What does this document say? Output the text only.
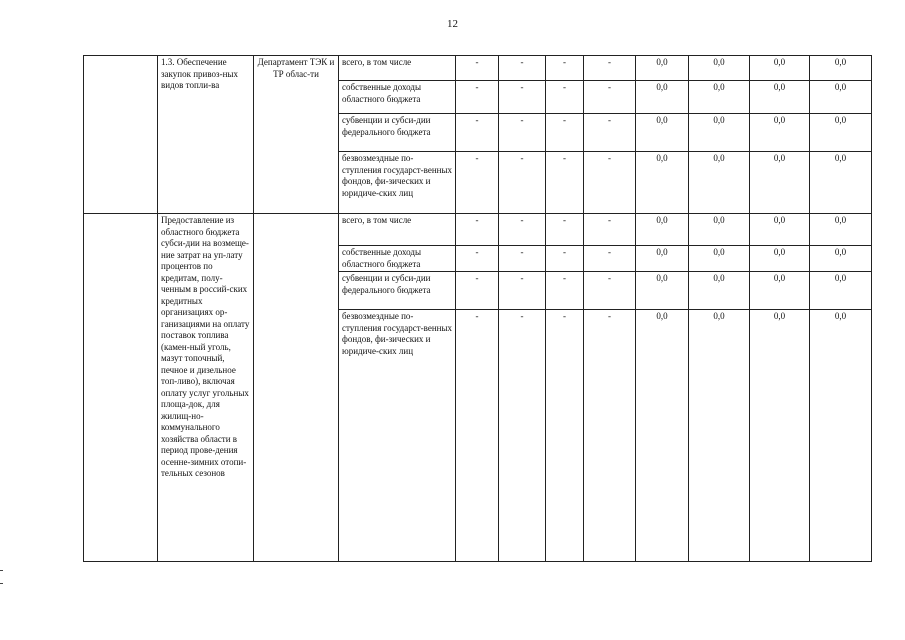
12
	1.3. Обеспечение закупок привоз-ных видов топли-ва	Департамент ТЭК и ТР облас-ти	всего, в том числе	-	-	-	-	0,0	0,0	0,0	0,0
			собственные доходы областного бюджета	-	-	-	-	0,0	0,0	0,0	0,0
			субвенции и субси-дии федерального бюджета	-	-	-	-	0,0	0,0	0,0	0,0
			безвозмездные по-ступления государст-венных фондов, фи-зических и юридиче-ских лиц	-	-	-	-	0,0	0,0	0,0	0,0
	Предоставление из областного бюджета субси-дии на возмеще-ние затрат на уп-лату процентов по кредитам, полу-ченным в россий-ских кредитных организациях ор-ганизациями на оплату поставок топлива (камен-ный уголь, мазут топочный, печное и дизельное топ-ливо), включая оплату услуг угольных площа-док, для жилищ-но-коммунального хозяйства области в период прове-дения осенне-зимних отопи-тельных сезонов		всего, в том числе	-	-	-	-	0,0	0,0	0,0	0,0
			собственные доходы областного бюджета	-	-	-	-	0,0	0,0	0,0	0,0
			субвенции и субси-дии федерального бюджета	-	-	-	-	0,0	0,0	0,0	0,0
			безвозмездные по-ступления государст-венных фондов, фи-зических и юридиче-ских лиц	-	-	-	-	0,0	0,0	0,0	0,0
